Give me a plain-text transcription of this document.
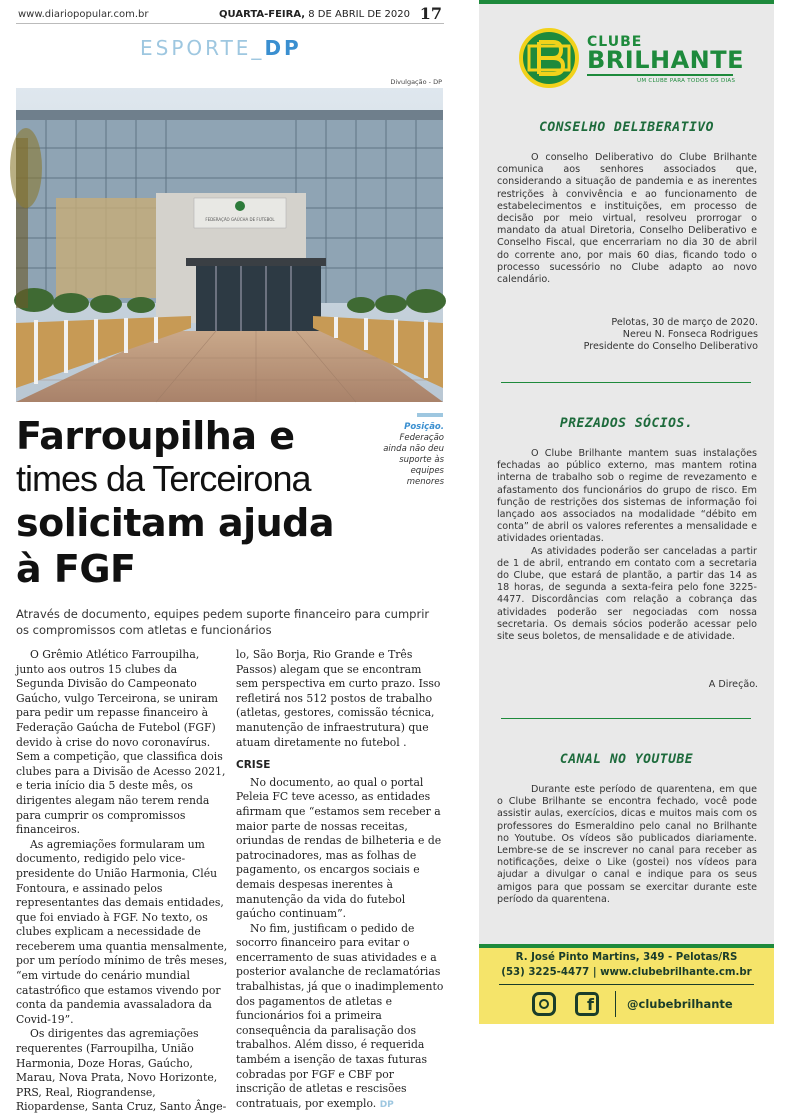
www.diariopopular.com.br	QUARTA-FEIRA, 8 DE ABRIL DE 2020 17
ESPORTE_DP
Divulgação - DP
FEDERAÇÃO GAÚCHA DE FUTEBOL
Posição.
Federação ainda não deu suporte às equipes menores
Farroupilha e
times da Terceirona
solicitam ajuda
à FGF
Através de documento, equipes pedem suporte financeiro para cumprir os compromissos com atletas e funcionários

O Grêmio Atlético Farroupilha, junto aos outros 15 clubes da Segunda Divisão do Campeonato Gaúcho, vulgo Terceirona, se uniram para pedir um repasse financeiro à Federação Gaúcha de Futebol (FGF) devido à crise do novo coronavírus. Sem a competição, que classifica dois clubes para a Divisão de Acesso 2021, e teria início dia 5 deste mês, os dirigentes alegam não terem renda para cumprir os compromissos financeiros.

As agremiações formularam um documento, redigido pelo vice-presidente do União Harmonia, Cléu Fontoura, e assinado pelos representantes das demais entidades, que foi enviado à FGF. No texto, os clubes explicam a necessidade de receberem uma quantia mensalmente, por um período mínimo de três meses, “em virtude do cenário mundial catastrófico que estamos vivendo por conta da pandemia avassaladora da Covid-19”.

Os dirigentes das agremiações requerentes (Farroupilha, União Harmonia, Doze Horas, Gaúcho, Marau, Nova Prata, Novo Horizonte, PRS, Real, Riograndense, Riopardense, Santa Cruz, Santo Ânge-

lo, São Borja, Rio Grande e Três Passos) alegam que se encontram sem perspectiva em curto prazo. Isso refletirá nos 512 postos de trabalho (atletas, gestores, comissão técnica, manutenção de infraestrutura) que atuam diretamente no futebol .

CRISE

No documento, ao qual o portal Peleia FC teve acesso, as entidades afirmam que “estamos sem receber a maior parte de nossas receitas, oriundas de rendas de bilheteria e de patrocinadores, mas as folhas de pagamento, os encargos sociais e demais despesas inerentes à manutenção da vida do futebol gaúcho continuam”.

No fim, justificam o pedido de socorro financeiro para evitar o encerramento de suas atividades e a posterior avalanche de reclamatórias trabalhistas, já que o inadimplemento dos pagamentos de atletas e funcionários foi a primeira consequência da paralisação dos trabalhos. Além disso, é requerida também a isenção de taxas futuras cobradas por FGF e CBF por inscrição de atletas e rescisões contratuais, por exemplo. DP

CLUBE
BRILHANTE
UM CLUBE PARA TODOS OS DIAS
CONSELHO DELIBERATIVO

O conselho Deliberativo do Clube Brilhante comunica aos senhores associados que, considerando a situação de pandemia e as inerentes restrições à convivência e ao funcionamento de estabelecimentos e instituições, em processo de decisão por meio virtual, resolveu prorrogar o mandato da atual Diretoria, Conselho Deliberativo e Conselho Fiscal, que encerrariam no dia 30 de abril do corrente ano, por mais 60 dias, ficando todo o processo sucessório no Clube adapto ao novo calendário.

Pelotas, 30 de março de 2020.
Nereu N. Fonseca Rodrigues
Presidente do Conselho Deliberativo
PREZADOS SÓCIOS.

O Clube Brilhante mantem suas instalações fechadas ao público externo, mas mantem rotina interna de trabalho sob o regime de revezamento e afastamento dos funcionários do grupo de risco. Em função de restrições dos sistemas de informação foi lançado aos associados na modalidade “débito em conta” de abril os valores referentes a mensalidade e atividades orientadas.

As atividades poderão ser canceladas a partir de 1 de abril, entrando em contato com a secretaria do Clube, que estará de plantão, a partir das 14 as 18 horas, de segunda a sexta-feira pelo fone 3225-4477. Discordâncias com relação a cobrança das atividades poderão ser negociadas com nossa secretaria. Os demais sócios poderão acessar pelo site seus boletos, de mensalidade e de atividade.

A Direção.
CANAL NO YOUTUBE

Durante este período de quarentena, em que o Clube Brilhante se encontra fechado, você pode assistir aulas, exercícios, dicas e muitos mais com os professores do Esmeraldino pelo canal no Brilhante no Youtube. Os vídeos são publicados diariamente. Lembre-se de se inscrever no canal para receber as notificações, deixe o Like (gostei) nos vídeos para ajudar a divulgar o canal e indique para os seus amigos para que possam se exercitar durante este período da quarentena.

R. José Pinto Martins, 349 - Pelotas/RS
(53) 3225-4477 | www.clubebrilhante.cm.br
f	@clubebrilhante
